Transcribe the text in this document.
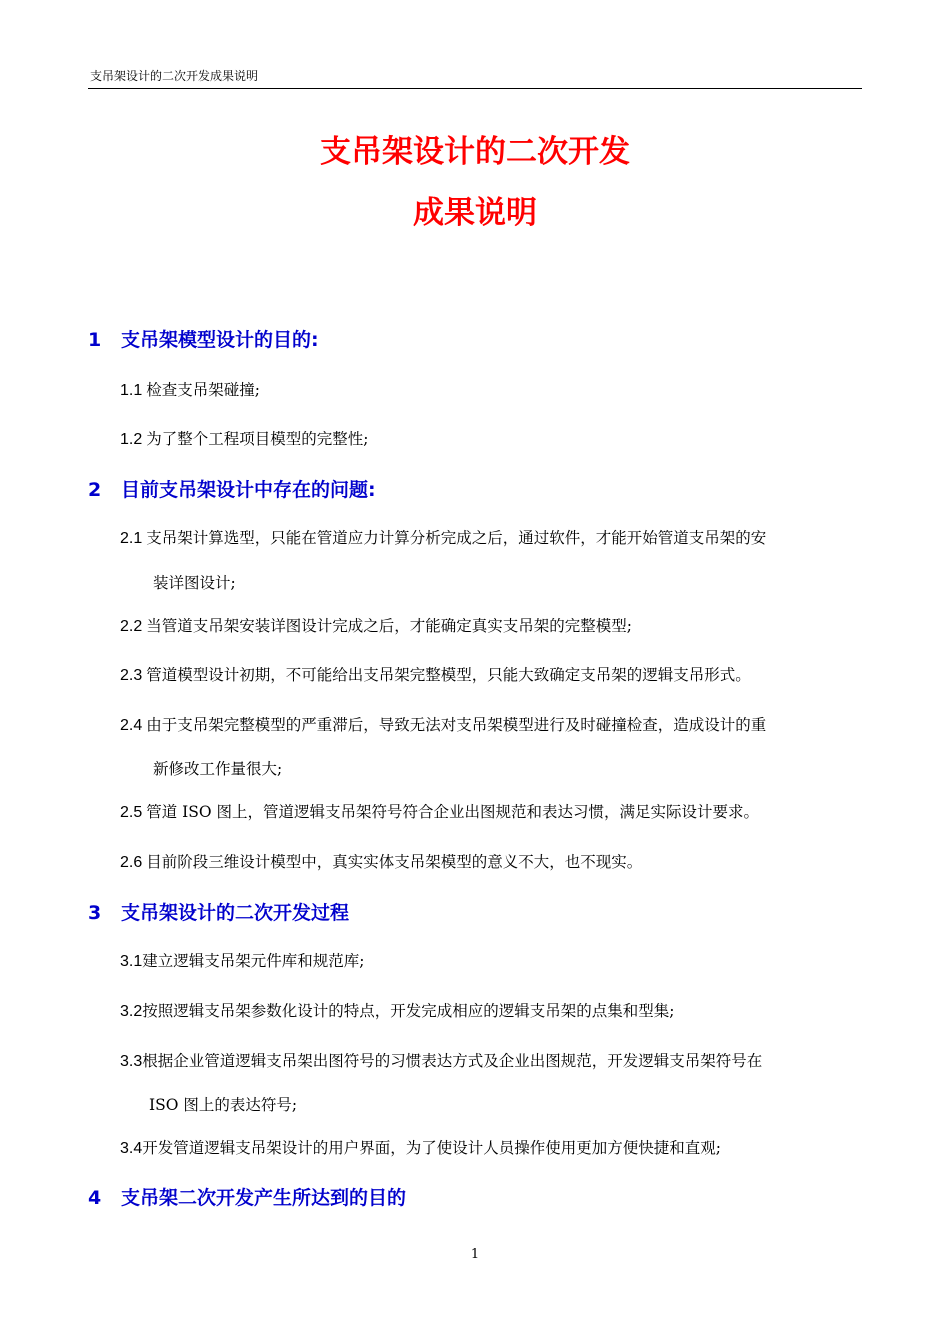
支吊架设计的二次开发成果说明
支吊架设计的二次开发
成果说明
1 支吊架模型设计的目的:
1.1 检查支吊架碰撞;
1.2 为了整个工程项目模型的完整性;
2 目前支吊架设计中存在的问题:
2.1 支吊架计算选型，只能在管道应力计算分析完成之后，通过软件，才能开始管道支吊架的安
装详图设计;
2.2 当管道支吊架安装详图设计完成之后，才能确定真实支吊架的完整模型;
2.3 管道模型设计初期，不可能给出支吊架完整模型，只能大致确定支吊架的逻辑支吊形式。
2.4 由于支吊架完整模型的严重滞后，导致无法对支吊架模型进行及时碰撞检查，造成设计的重
新修改工作量很大;
2.5 管道 ISO 图上，管道逻辑支吊架符号符合企业出图规范和表达习惯，满足实际设计要求。
2.6 目前阶段三维设计模型中，真实实体支吊架模型的意义不大，也不现实。
3 支吊架设计的二次开发过程
3.1建立逻辑支吊架元件库和规范库;
3.2按照逻辑支吊架参数化设计的特点，开发完成相应的逻辑支吊架的点集和型集;
3.3根据企业管道逻辑支吊架出图符号的习惯表达方式及企业出图规范，开发逻辑支吊架符号在
ISO 图上的表达符号;
3.4开发管道逻辑支吊架设计的用户界面，为了使设计人员操作使用更加方便快捷和直观;
4 支吊架二次开发产生所达到的目的
1
